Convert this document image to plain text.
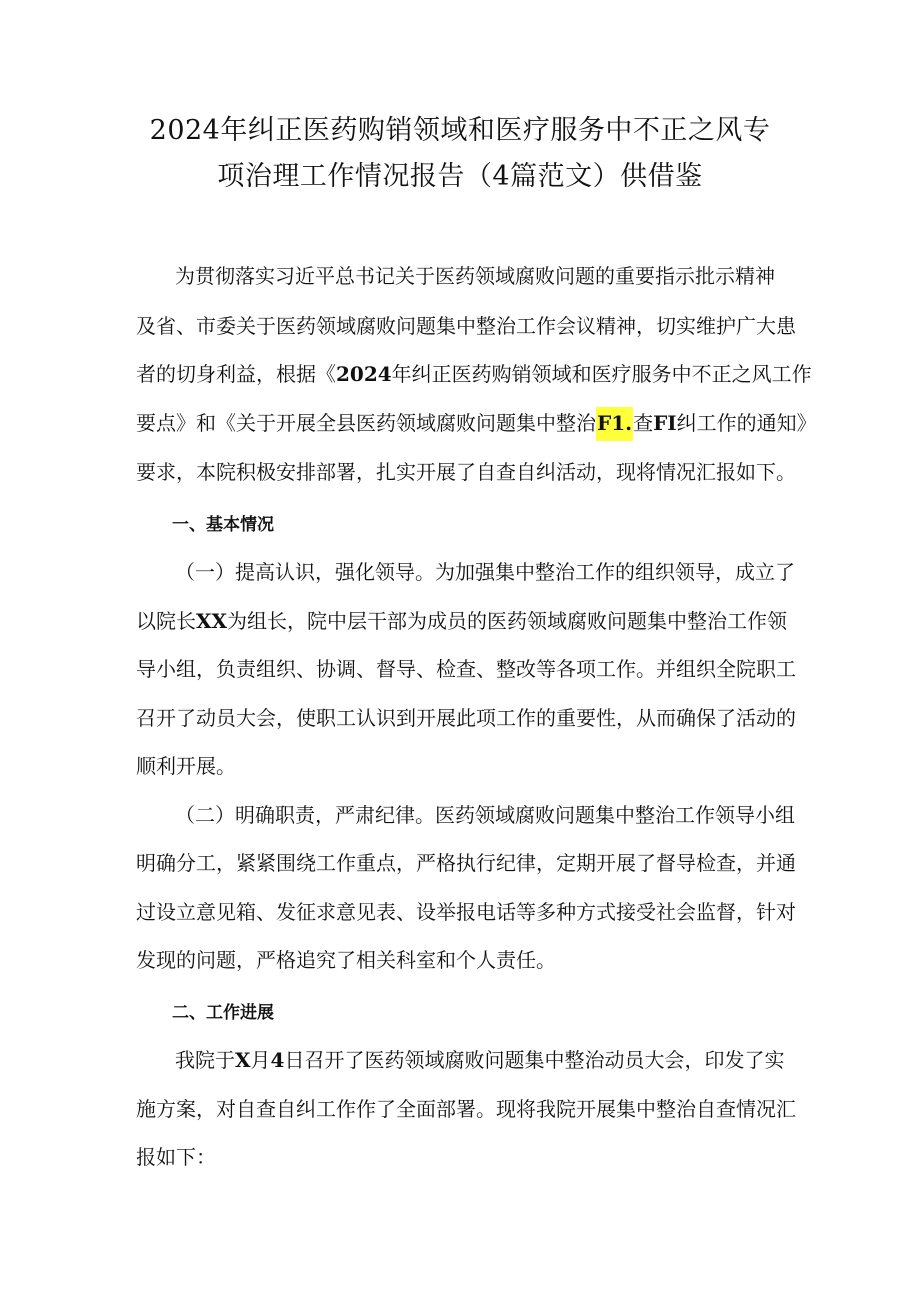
2024年纠正医药购销领域和医疗服务中不正之风专
项治理工作情况报告（4篇范文）供借鉴
为贯彻落实习近平总书记关于医药领域腐败问题的重要指示批示精神
及省、市委关于医药领域腐败问题集中整治工作会议精神，切实维护广大患
者的切身利益，根据《2024年纠正医药购销领域和医疗服务中不正之风工作
要点》和《关于开展全县医药领域腐败问题集中整治F1.查FI纠工作的通知》
要求，本院积极安排部署，扎实开展了自查自纠活动，现将情况汇报如下。
一、基本情况
（一）提高认识，强化领导。为加强集中整治工作的组织领导，成立了
以院长XX为组长，院中层干部为成员的医药领域腐败问题集中整治工作领
导小组，负责组织、协调、督导、检查、整改等各项工作。并组织全院职工
召开了动员大会，使职工认识到开展此项工作的重要性，从而确保了活动的
顺利开展。
（二）明确职责，严肃纪律。医药领域腐败问题集中整治工作领导小组
明确分工，紧紧围绕工作重点，严格执行纪律，定期开展了督导检查，并通
过设立意见箱、发征求意见表、设举报电话等多种方式接受社会监督，针对
发现的问题，严格追究了相关科室和个人责任。
二、工作进展
我院于X月4日召开了医药领域腐败问题集中整治动员大会，印发了实
施方案，对自查自纠工作作了全面部署。现将我院开展集中整治自查情况汇
报如下：
